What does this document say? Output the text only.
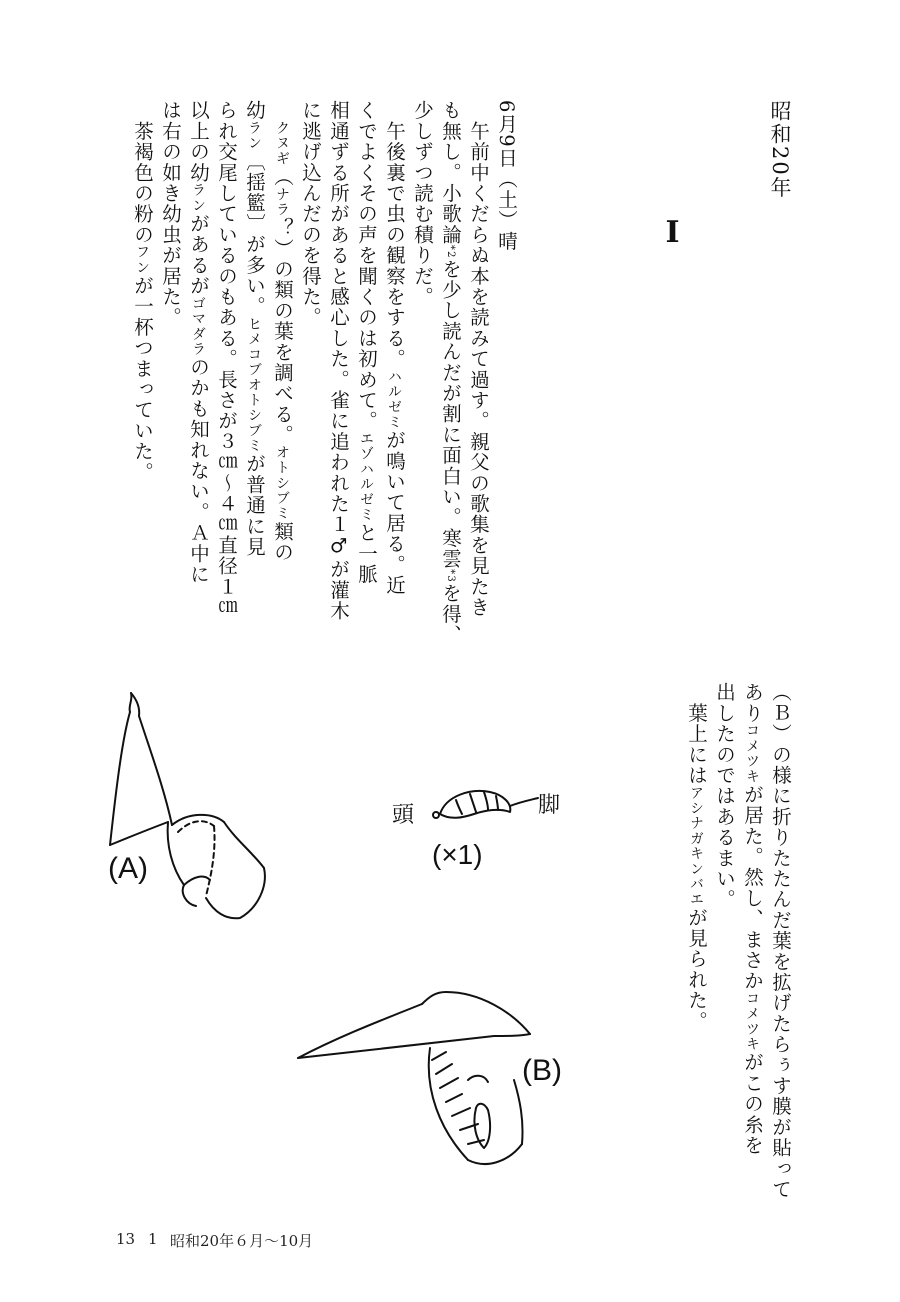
昭和20年
Ⅰ
6月9日（土）晴
　午前中くだらぬ本を読みて過す。親父の歌集を見たき
も無し。小歌論*2を少し読んだが割に面白い。寒雲*3を得、
少しずつ読む積りだ。
　午後裏で虫の観察をする。ハルゼミが鳴いて居る。近
くでよくその声を聞くのは初めて。エゾハルゼミと一脈
相通ずる所があると感心した。雀に追われた１♂が灌木
に逃げ込んだのを得た。
　クヌギ（ナラ？）の類の葉を調べる。オトシブミ類の
幼ラン〔揺籃〕が多い。ヒメコブオトシブミが普通に見
られ交尾しているのもある。長さが３㎝～４㎝直径１㎝
以上の幼ランがあるがゴマダラのかも知れない。Ａ中に
は右の如き幼虫が居た。
　茶褐色の粉のフンが一杯つまっていた。
（Ｂ）の様に折りたたんだ葉を拡げたらぅす膜が貼って
ありコメツキが居た。然し、まさかコメツキがこの糸を
出したのではあるまい。
　葉上にはアシナガキンバエが見られた。
(A)
(B)
(×1)
頭	脚
13 1 昭和20年６月～10月
